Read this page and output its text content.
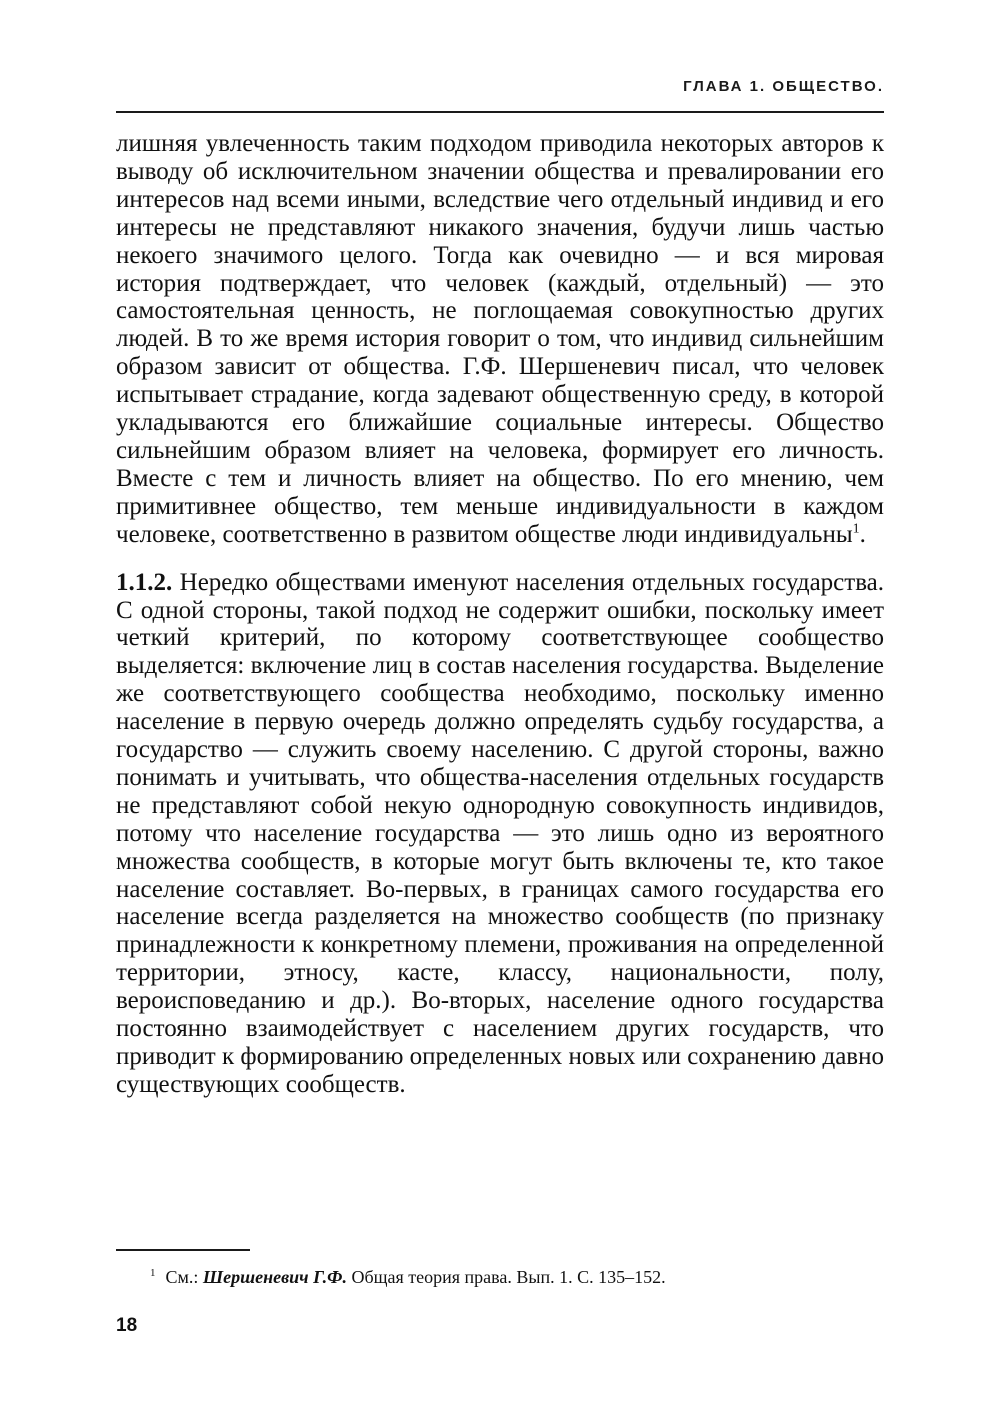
ГЛАВА 1. ОБЩЕСТВО.

лишняя увлеченность таким подходом приводила некоторых авторов к выводу об исключительном значении общества и превалировании его интересов над всеми иными, вследствие чего отдельный индивид и его интересы не представляют никакого значения, будучи лишь частью некоего значимого целого. Тогда как очевидно — и вся мировая история подтверждает, что человек (каждый, отдельный) — это самостоятельная ценность, не поглощаемая совокупностью других людей. В то же время история говорит о том, что индивид сильнейшим образом зависит от общества. Г.Ф. Шершеневич писал, что человек испытывает страдание, когда задевают общественную среду, в которой укладываются его ближайшие социальные интересы. Общество сильнейшим образом влияет на человека, формирует его личность. Вместе с тем и личность влияет на общество. По его мнению, чем примитивнее общество, тем меньше индивидуальности в каждом человеке, соответственно в развитом обществе люди индивидуальны$^1$.

1.1.2. Нередко обществами именуют населения отдельных государства. С одной стороны, такой подход не содержит ошибки, поскольку имеет четкий критерий, по которому соответствующее сообщество выделяется: включение лиц в состав населения государства. Выделение же соответствующего сообщества необходимо, поскольку именно население в первую очередь должно определять судьбу государства, а государство — служить своему населению. С другой стороны, важно понимать и учитывать, что общества-населения отдельных государств не представляют собой некую однородную совокупность индивидов, потому что население государства — это лишь одно из вероятного множества сообществ, в которые могут быть включены те, кто такое население составляет. Во-первых, в границах самого государства его население всегда разделяется на множество сообществ (по признаку принадлежности к конкретному племени, проживания на определенной территории, этносу, касте, классу, национальности, полу, вероисповеданию и др.). Во-вторых, население одного государства постоянно взаимодействует с населением других государств, что приводит к формированию определенных новых или сохранению давно существующих сообществ.

$^1$ См.: Шершеневич Г.Ф. Общая теория права. Вып. 1. С. 135–152.
18
